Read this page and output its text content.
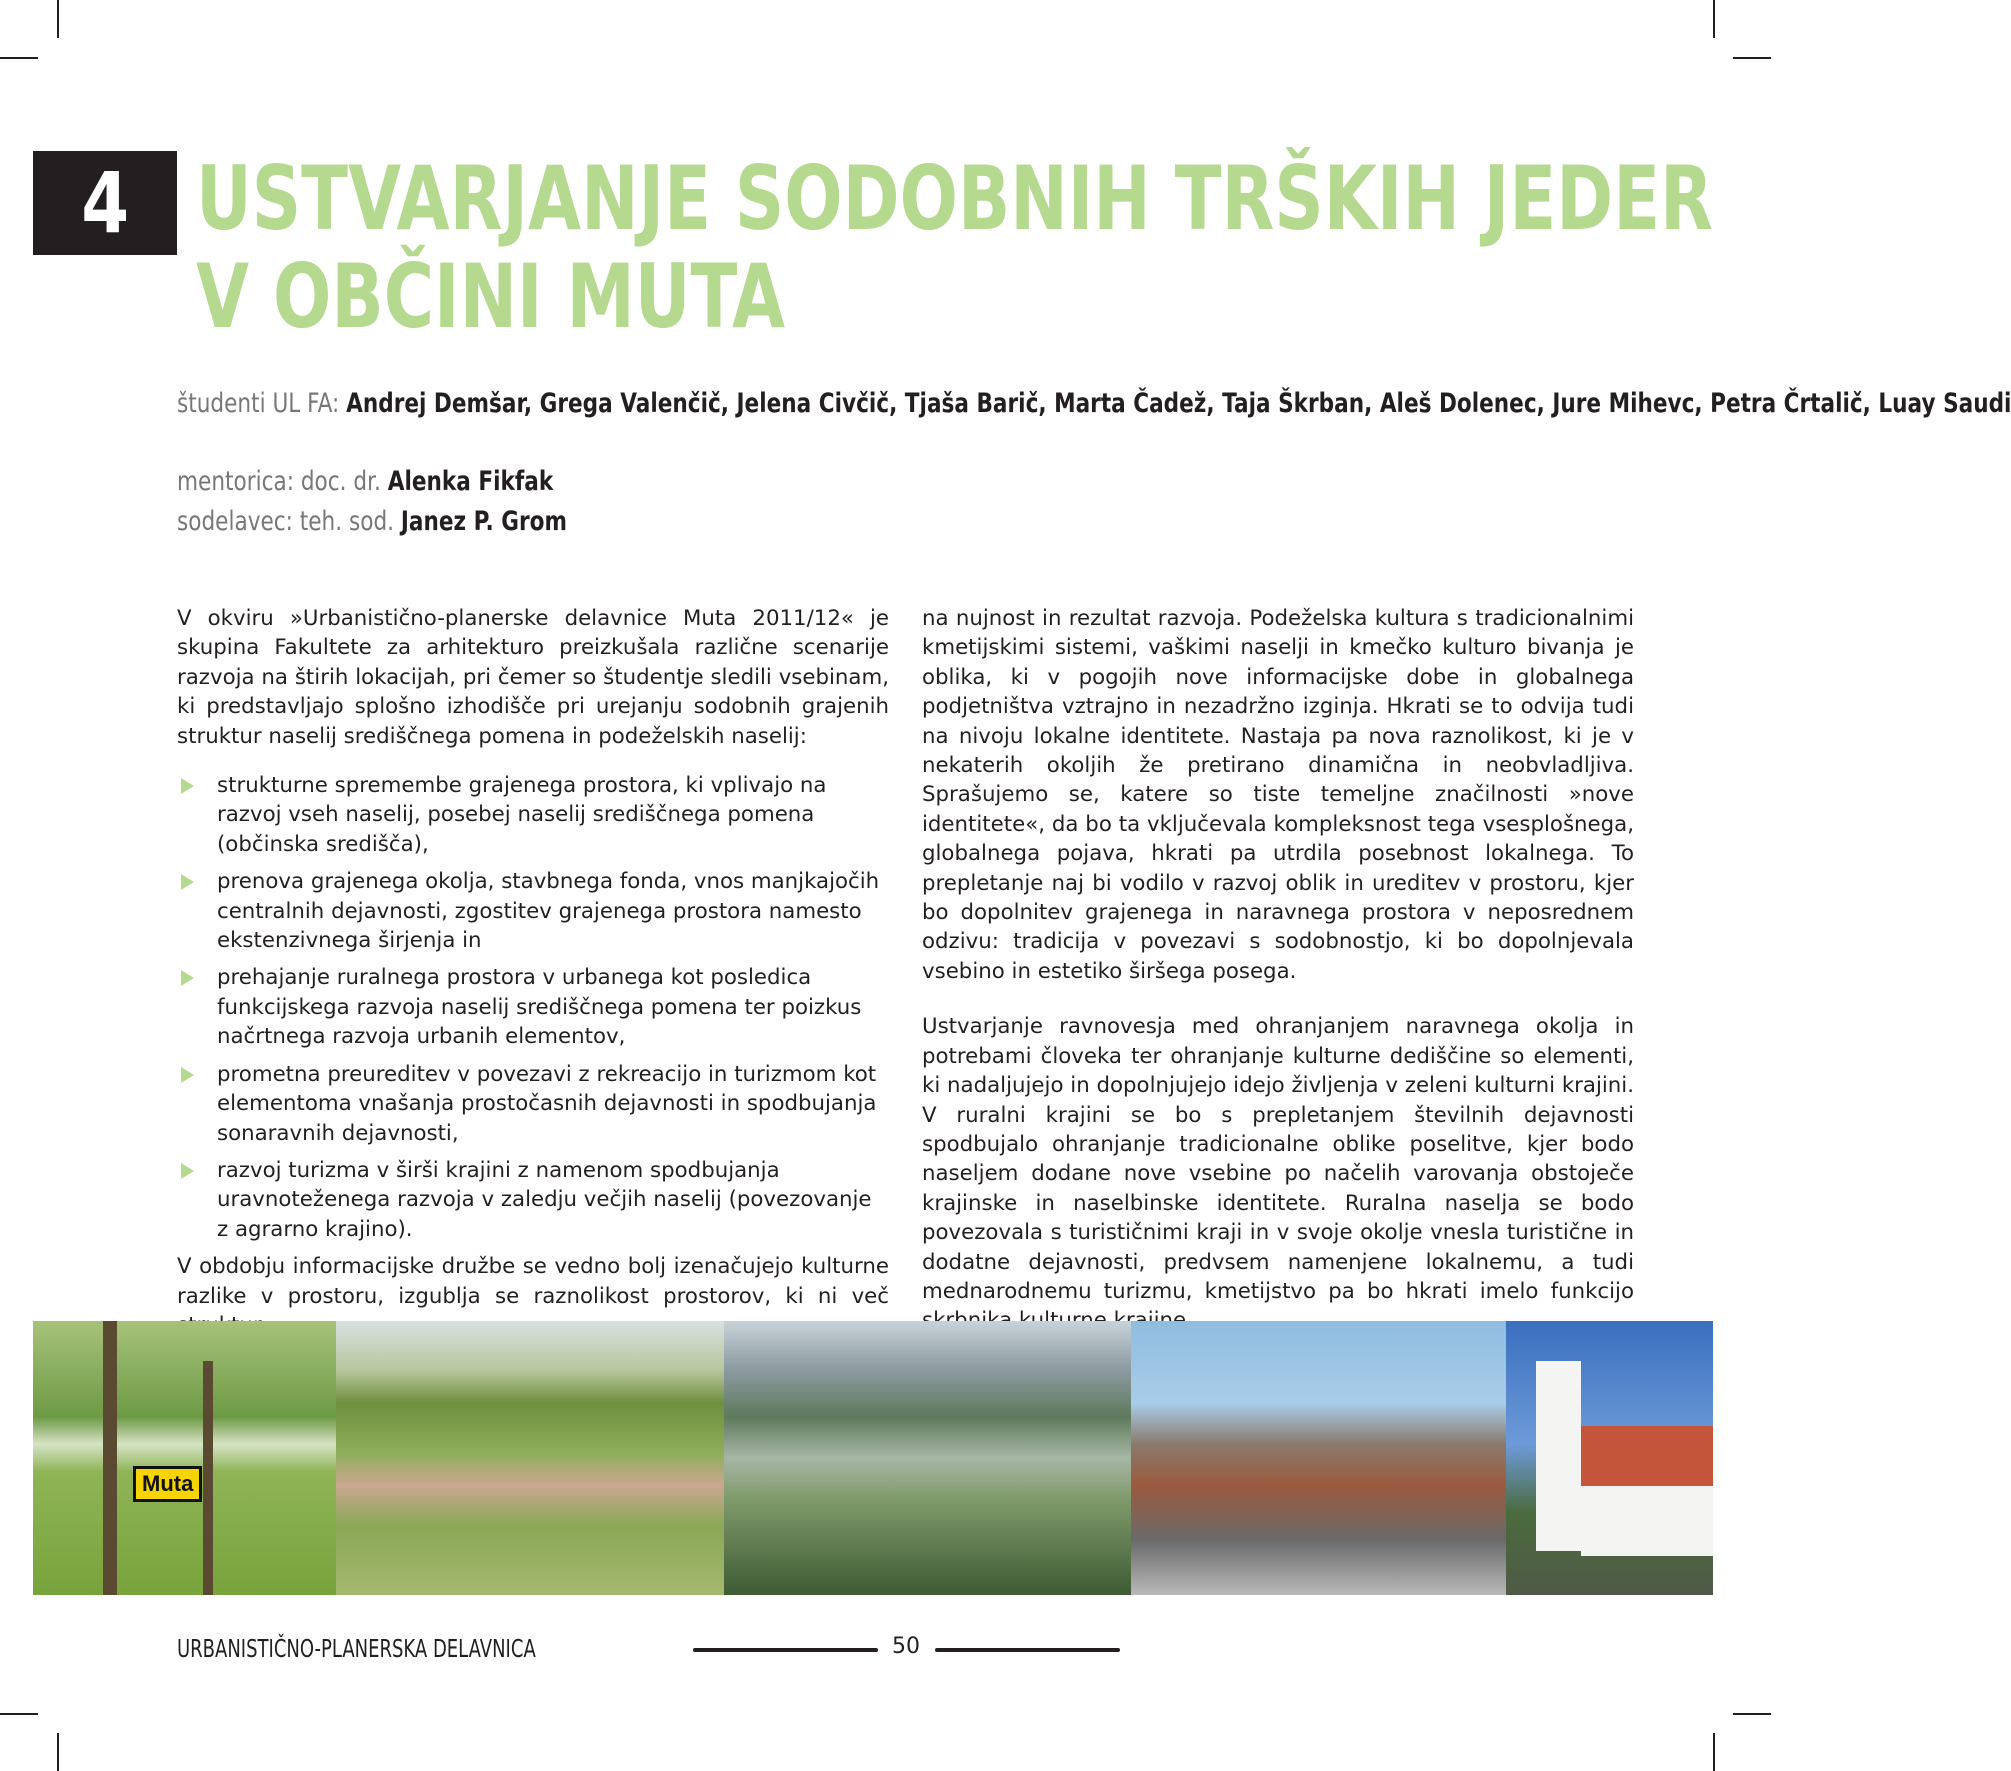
4 USTVARJANJE SODOBNIH TRŠKIH JEDER
V OBČINI MUTA
študenti UL FA: Andrej Demšar, Grega Valenčič, Jelena Civčič, Tjaša Barič, Marta Čadež, Taja Škrban, Aleš Dolenec, Jure Mihevc, Petra Črtalič, Luay Saudi
mentorica: doc. dr. Alenka Fikfak
sodelavec: teh. sod. Janez P. Grom

V okviru »Urbanistično-planerske delavnice Muta 2011/12« je skupina Fakultete za arhitekturo preizkušala različne scenarije razvoja na štirih lokacijah, pri čemer so študentje sledili vsebinam, ki predstavljajo splošno izhodišče pri urejanju sodobnih grajenih struktur naselij središčnega pomena in podeželskih naselij:

strukturne spremembe grajenega prostora, ki vplivajo na razvoj vseh naselij, posebej naselij središčnega pomena (občinska središča),
prenova grajenega okolja, stavbnega fonda, vnos manjkajočih centralnih dejavnosti, zgostitev grajenega prostora namesto ekstenzivnega širjenja in
prehajanje ruralnega prostora v urbanega kot posledica funkcijskega razvoja naselij središčnega pomena ter poizkus načrtnega razvoja urbanih elementov,
prometna preureditev v povezavi z rekreacijo in turizmom kot elementoma vnašanja prostočasnih dejavnosti in spodbujanja sonaravnih dejavnosti,
razvoj turizma v širši krajini z namenom spodbujanja uravnoteženega razvoja v zaledju večjih naselij (povezovanje z agrarno krajino).

V obdobju informacijske družbe se vedno bolj izenačujejo kulturne razlike v prostoru, izgublja se raznolikost prostorov, ki ni več

na nujnost in rezultat razvoja. Podeželska kultura s tradicionalnimi kmetijskimi sistemi, vaškimi naselji in kmečko kulturo bivanja je oblika, ki v pogojih nove informacijske dobe in globalnega podjetništva vztrajno in nezadržno izginja. Hkrati se to odvija tudi na nivoju lokalne identitete. Nastaja pa nova raznolikost, ki je v nekaterih okoljih že pretirano dinamična in neobvladljiva. Sprašujemo se, katere so tiste temeljne značilnosti »nove identitete«, da bo ta vključevala kompleksnost tega vsesplošnega, globalnega pojava, hkrati pa utrdila posebnost lokalnega. To prepletanje naj bi vodilo v razvoj oblik in ureditev v prostoru, kjer bo dopolnitev grajenega in naravnega prostora v neposrednem odzivu: tradicija v povezavi s sodobnostjo, ki bo dopolnjevala vsebino in estetiko širšega posega.

Ustvarjanje ravnovesja med ohranjanjem naravnega okolja in potrebami človeka ter ohranjanje kulturne dediščine so elementi, ki nadaljujejo in dopolnjujejo idejo življenja v zeleni kulturni krajini. V ruralni krajini se bo s prepletanjem številnih dejavnosti spodbujalo ohranjanje tradicionalne oblike poselitve, kjer bodo naseljem dodane nove vsebine po načelih varovanja obstoječe krajinske in naselbinske identitete. Ruralna naselja se bodo povezovala s turističnimi kraji in v svoje okolje vnesla turistične in dodatne dejavnosti, predvsem namenjene lokalnemu, a tudi mednarodnemu turizmu, kmetijstvo pa bo hkrati imelo funkcijo

Muta
URBANISTIČNO-PLANERSKA DELAVNICA	50
